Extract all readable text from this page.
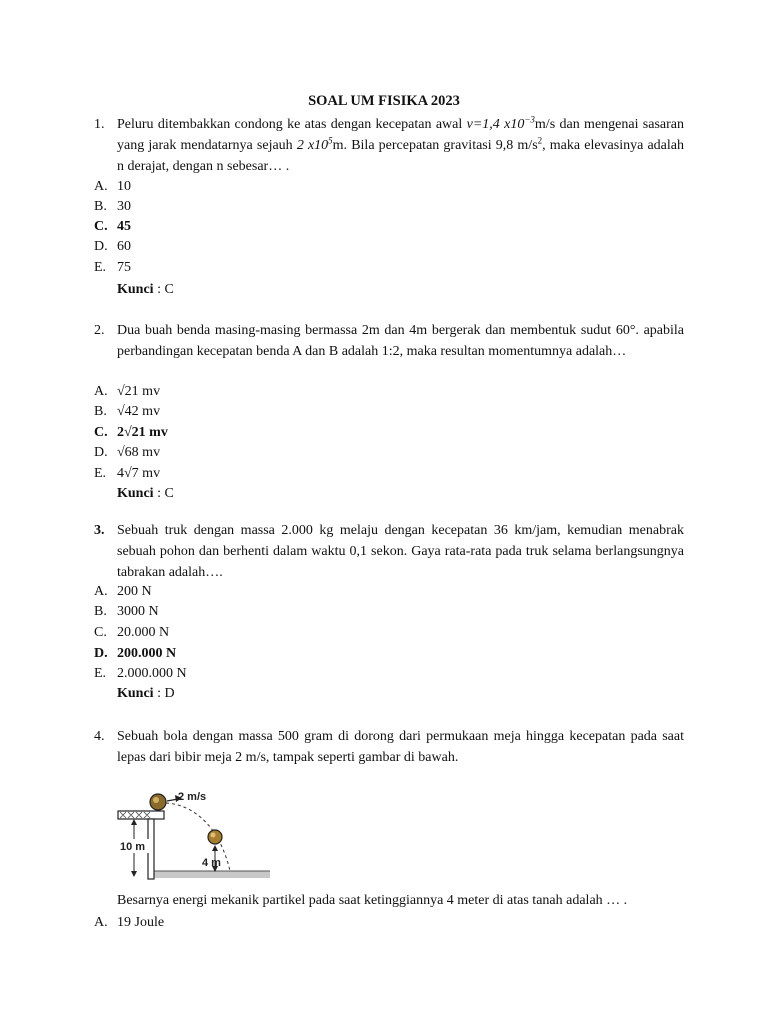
SOAL UM FISIKA 2023
1. Peluru ditembakkan condong ke atas dengan kecepatan awal v=1,4 $x10^{-3}m/s$ dan mengenai sasaran yang jarak mendatarnya sejauh 2 $x10^5m$. Bila percepatan gravitasi 9,8 $m/s^2$, maka elevasinya adalah n derajat, dengan n sebesar… .
A. 10
B. 30
C. 45
D. 60
E. 75
Kunci : C
2. Dua buah benda masing-masing bermassa 2m dan 4m bergerak dan membentuk sudut 60°. apabila perbandingan kecepatan benda A dan B adalah 1:2, maka resultan momentumnya adalah…
A. √21 mv
B. √42 mv
C. 2√21 mv
D. √68 mv
E. 4√7 mv
Kunci : C
3. Sebuah truk dengan massa 2.000 kg melaju dengan kecepatan 36 km/jam, kemudian menabrak sebuah pohon dan berhenti dalam waktu 0,1 sekon. Gaya rata-rata pada truk selama berlangsungnya tabrakan adalah….
A. 200 N
B. 3000 N
C. 20.000 N
D. 200.000 N
E. 2.000.000 N
Kunci : D
4. Sebuah bola dengan massa 500 gram di dorong dari permukaan meja hingga kecepatan pada saat lepas dari bibir meja 2 m/s, tampak seperti gambar di bawah.
10 m
2 m/s
4 m
Besarnya energi mekanik partikel pada saat ketinggiannya 4 meter di atas tanah adalah … .
A. 19 Joule
